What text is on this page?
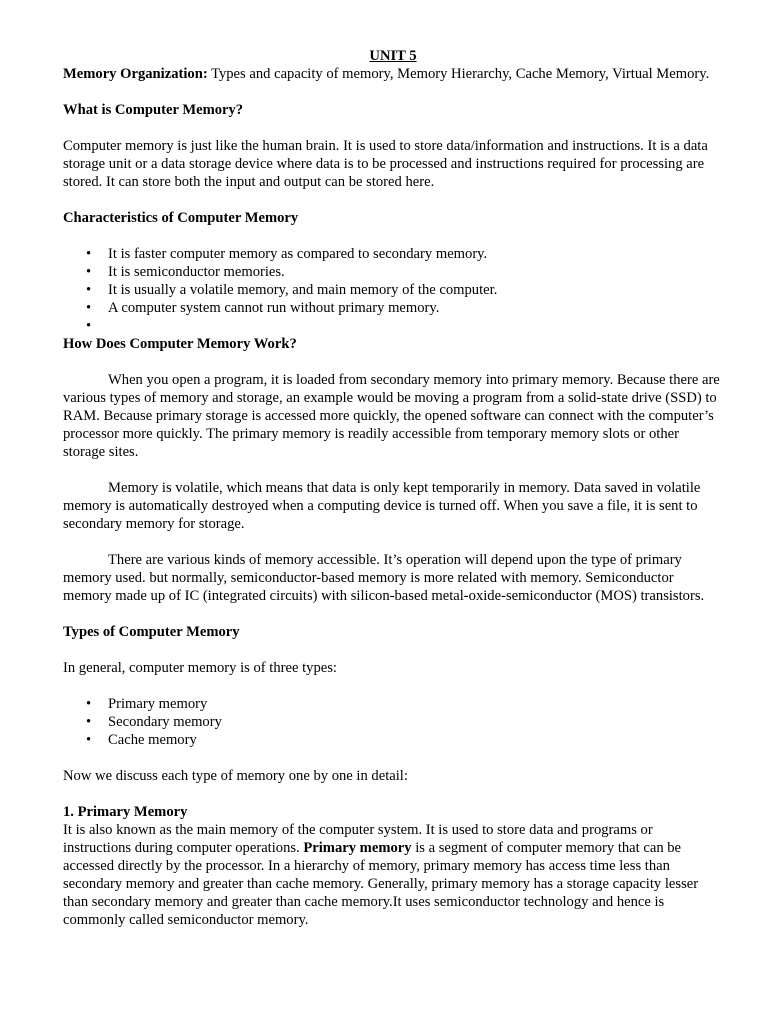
UNIT 5

Memory Organization: Types and capacity of memory, Memory Hierarchy, Cache Memory, Virtual Memory.

What is Computer Memory?

Computer memory is just like the human brain. It is used to store data/information and instructions. It is a data storage unit or a data storage device where data is to be processed and instructions required for processing are stored. It can store both the input and output can be stored here.

Characteristics of Computer Memory

• It is faster computer memory as compared to secondary memory.
• It is semiconductor memories.
• It is usually a volatile memory, and main memory of the computer.
• A computer system cannot run without primary memory.
•

How Does Computer Memory Work?

When you open a program, it is loaded from secondary memory into primary memory. Because there are various types of memory and storage, an example would be moving a program from a solid-state drive (SSD) to RAM. Because primary storage is accessed more quickly, the opened software can connect with the computer’s processor more quickly. The primary memory is readily accessible from temporary memory slots or other storage sites.

Memory is volatile, which means that data is only kept temporarily in memory. Data saved in volatile memory is automatically destroyed when a computing device is turned off. When you save a file, it is sent to secondary memory for storage.

There are various kinds of memory accessible. It’s operation will depend upon the type of primary memory used. but normally, semiconductor-based memory is more related with memory. Semiconductor memory made up of IC (integrated circuits) with silicon-based metal-oxide-semiconductor (MOS) transistors.

Types of Computer Memory

In general, computer memory is of three types:

• Primary memory
• Secondary memory
• Cache memory

Now we discuss each type of memory one by one in detail:

1. Primary Memory

It is also known as the main memory of the computer system. It is used to store data and programs or instructions during computer operations. Primary memory is a segment of computer memory that can be accessed directly by the processor. In a hierarchy of memory, primary memory has access time less than secondary memory and greater than cache memory. Generally, primary memory has a storage capacity lesser than secondary memory and greater than cache memory.It uses semiconductor technology and hence is commonly called semiconductor memory.
